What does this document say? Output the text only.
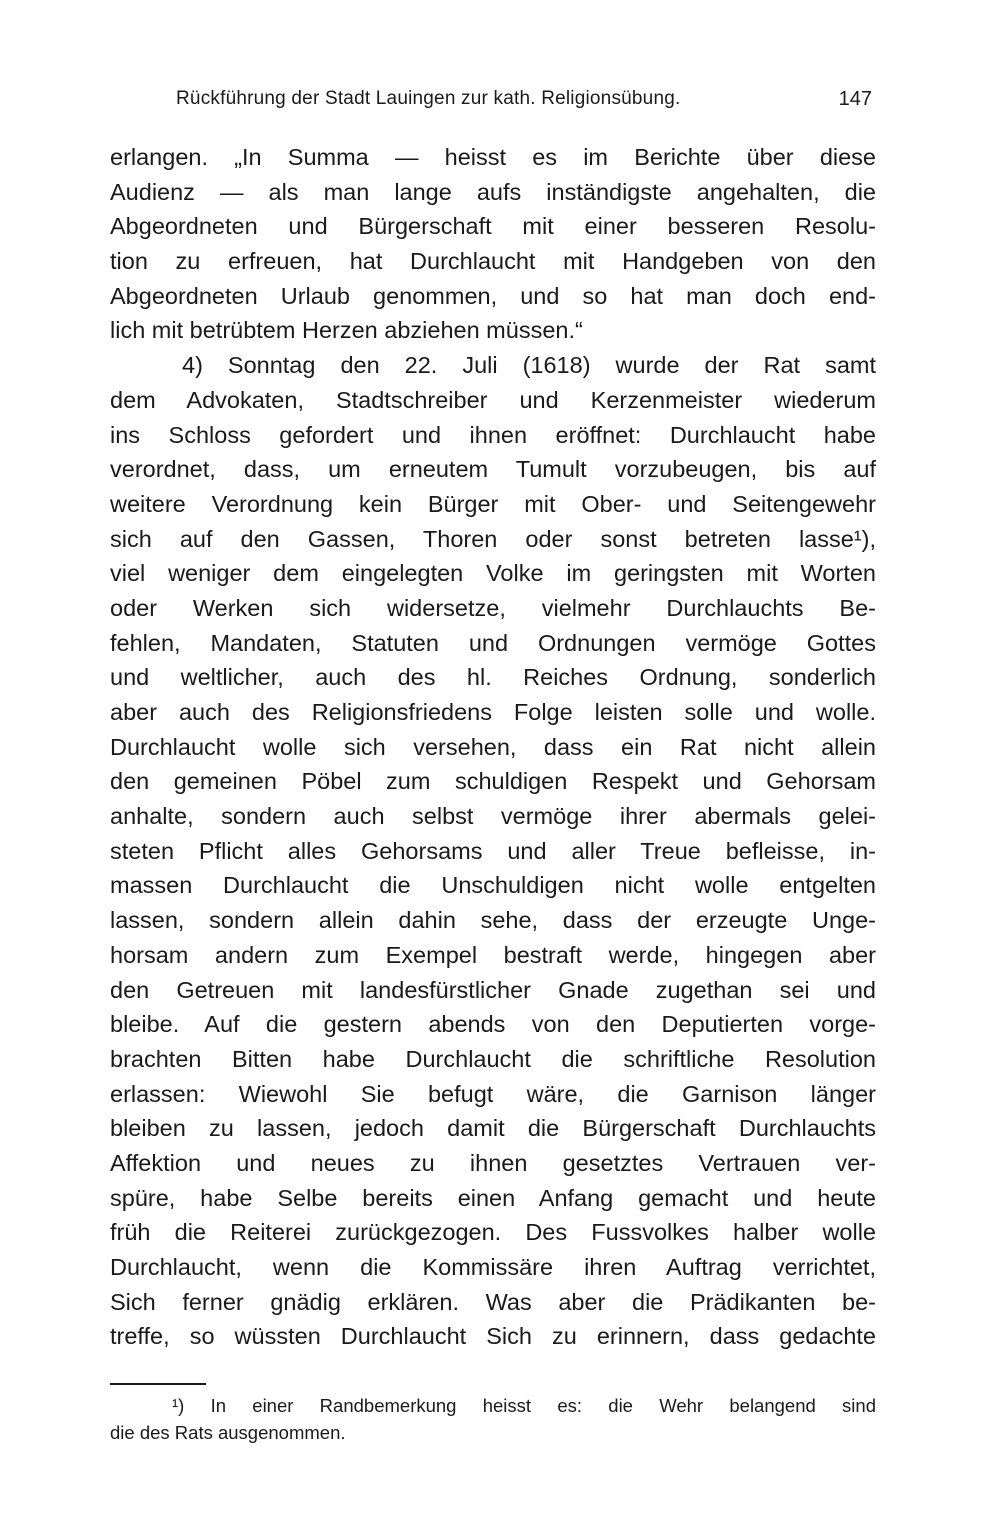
Rückführung der Stadt Lauingen zur kath. Religionsübung.	147
erlangen. „In Summa — heisst es im Berichte über diese
Audienz — als man lange aufs inständigste angehalten, die
Abgeordneten und Bürgerschaft mit einer besseren Resolu-
tion zu erfreuen, hat Durchlaucht mit Handgeben von den
Abgeordneten Urlaub genommen, und so hat man doch end-
lich mit betrübtem Herzen abziehen müssen.“
4) Sonntag den 22. Juli (1618) wurde der Rat samt
dem Advokaten, Stadtschreiber und Kerzenmeister wiederum
ins Schloss gefordert und ihnen eröffnet: Durchlaucht habe
verordnet, dass, um erneutem Tumult vorzubeugen, bis auf
weitere Verordnung kein Bürger mit Ober- und Seitengewehr
sich auf den Gassen, Thoren oder sonst betreten lasse¹),
viel weniger dem eingelegten Volke im geringsten mit Worten
oder Werken sich widersetze, vielmehr Durchlauchts Be-
fehlen, Mandaten, Statuten und Ordnungen vermöge Gottes
und weltlicher, auch des hl. Reiches Ordnung, sonderlich
aber auch des Religionsfriedens Folge leisten solle und wolle.
Durchlaucht wolle sich versehen, dass ein Rat nicht allein
den gemeinen Pöbel zum schuldigen Respekt und Gehorsam
anhalte, sondern auch selbst vermöge ihrer abermals gelei-
steten Pflicht alles Gehorsams und aller Treue befleisse, in-
massen Durchlaucht die Unschuldigen nicht wolle entgelten
lassen, sondern allein dahin sehe, dass der erzeugte Unge-
horsam andern zum Exempel bestraft werde, hingegen aber
den Getreuen mit landesfürstlicher Gnade zugethan sei und
bleibe. Auf die gestern abends von den Deputierten vorge-
brachten Bitten habe Durchlaucht die schriftliche Resolution
erlassen: Wiewohl Sie befugt wäre, die Garnison länger
bleiben zu lassen, jedoch damit die Bürgerschaft Durchlauchts
Affektion und neues zu ihnen gesetztes Vertrauen ver-
spüre, habe Selbe bereits einen Anfang gemacht und heute
früh die Reiterei zurückgezogen. Des Fussvolkes halber wolle
Durchlaucht, wenn die Kommissäre ihren Auftrag verrichtet,
Sich ferner gnädig erklären. Was aber die Prädikanten be-
treffe, so wüssten Durchlaucht Sich zu erinnern, dass gedachte
¹) In einer Randbemerkung heisst es: die Wehr belangend sind
die des Rats ausgenommen.
